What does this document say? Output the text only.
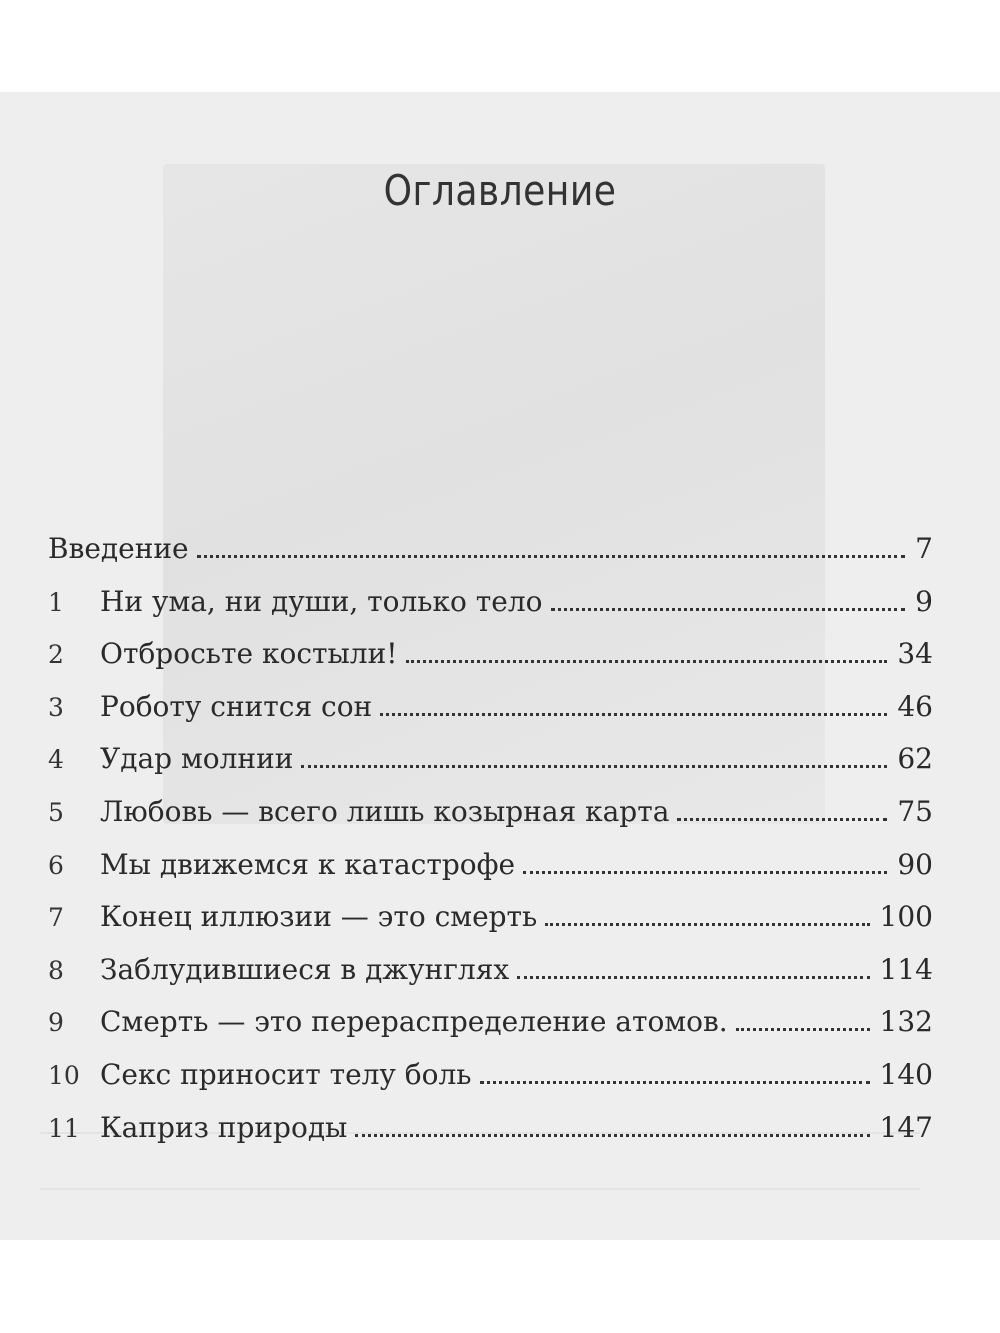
Оглавление
Введение	7
1	Ни ума, ни души, только тело	9
2	Отбросьте костыли!	34
3	Роботу снится сон	46
4	Удар молнии	62
5	Любовь — всего лишь козырная карта	75
6	Мы движемся к катастрофе	90
7	Конец иллюзии — это смерть	100
8	Заблудившиеся в джунглях	114
9	Смерть — это перераспределение атомов.	132
10 Секс приносит телу боль	140
11 Каприз природы	147
